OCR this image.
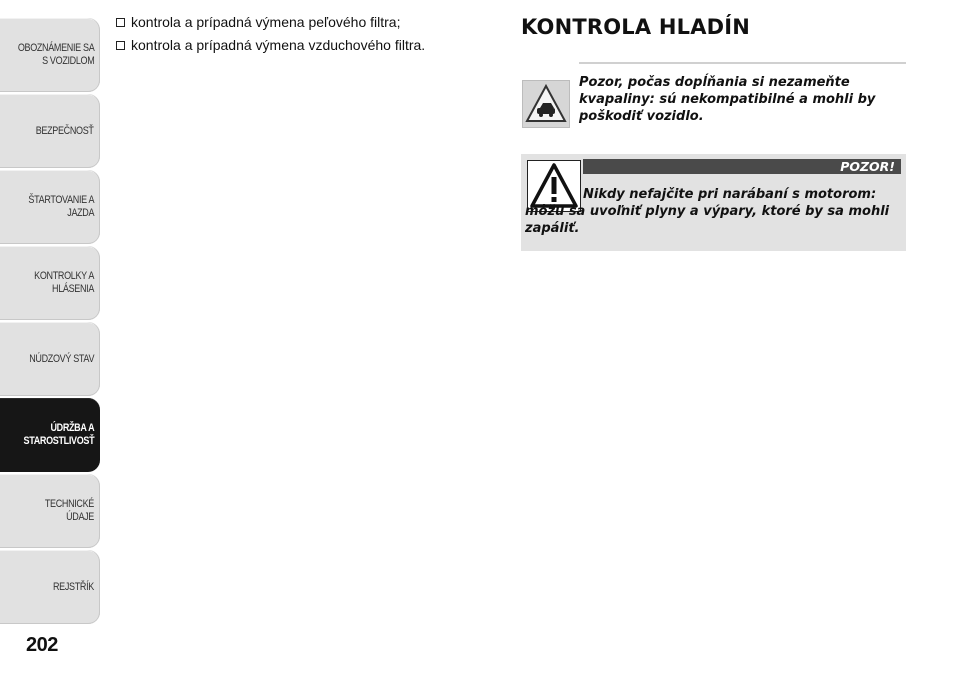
OBOZNÁMENIE SA
S VOZIDLOM
BEZPEČNOSŤ
ŠTARTOVANIE A
JAZDA
KONTROLKY A
HLÁSENIA
NÚDZOVÝ STAV
ÚDRŽBA A
STAROSTLIVOSŤ
TECHNICKÉ ÚDAJE
REJSTŘÍK
202
kontrola a prípadná výmena peľového filtra;
kontrola a prípadná výmena vzduchového filtra.
KONTROLA HLADÍN
Pozor, počas dopĺňania si nezameňte kvapaliny: sú nekompatibilné a mohli by poškodiť vozidlo.
POZOR!
Nikdy nefajčite pri narábaní s motorom: môžu sa uvoľniť plyny a výpary, ktoré by sa mohli zapáliť.
